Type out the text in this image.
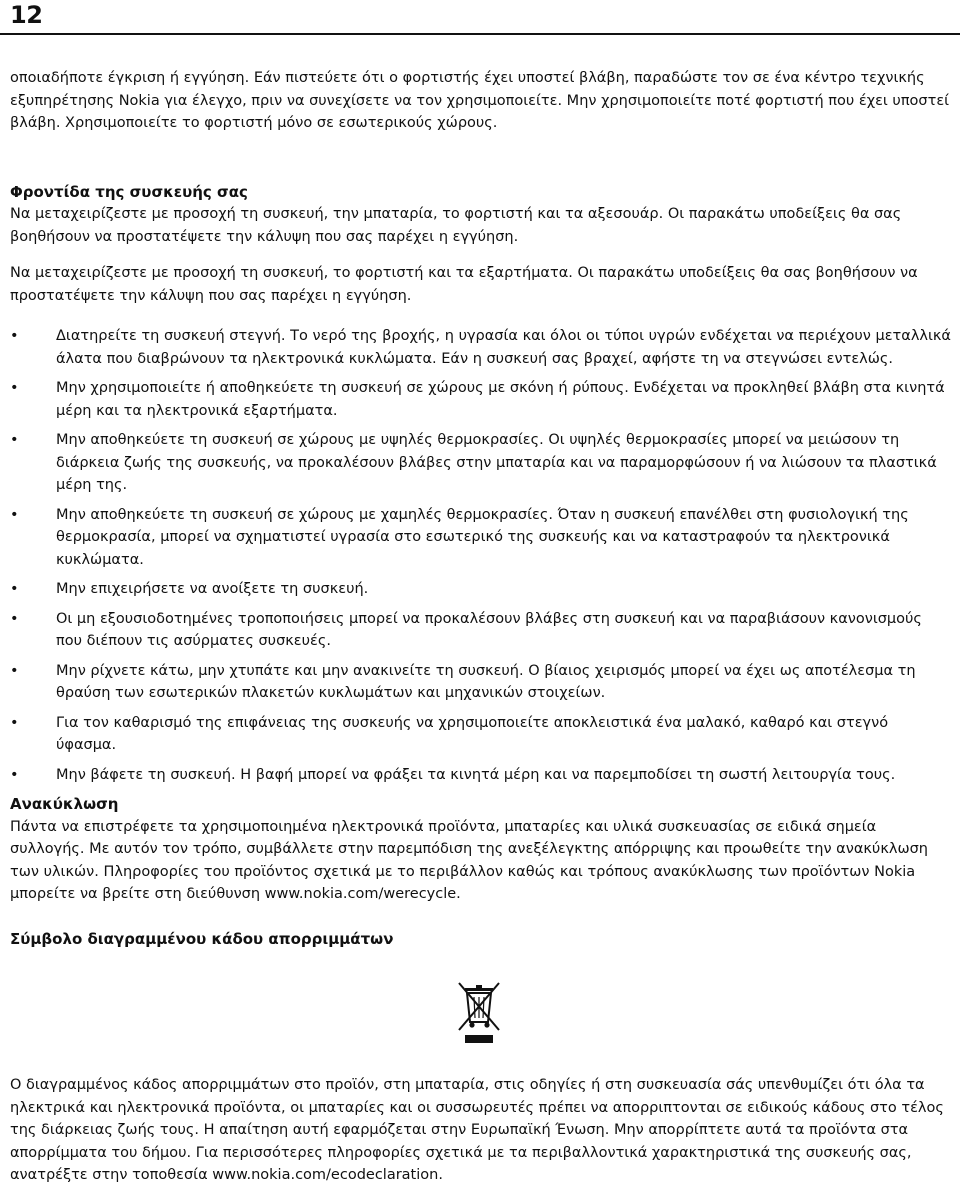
12

οποιαδήποτε έγκριση ή εγγύηση. Εάν πιστεύετε ότι ο φορτιστής έχει υποστεί βλάβη, παραδώστε τον σε ένα κέντρο τεχνικής εξυπηρέτησης Nokia για έλεγχο, πριν να συνεχίσετε να τον χρησιμοποιείτε. Μην χρησιμοποιείτε ποτέ φορτιστή που έχει υποστεί βλάβη. Χρησιμοποιείτε το φορτιστή μόνο σε εσωτερικούς χώρους.

Φροντίδα της συσκευής σας

Να μεταχειρίζεστε με προσοχή τη συσκευή, την μπαταρία, το φορτιστή και τα αξεσουάρ. Οι παρακάτω υποδείξεις θα σας βοηθήσουν να προστατέψετε την κάλυψη που σας παρέχει η εγγύηση.

Να μεταχειρίζεστε με προσοχή τη συσκευή, το φορτιστή και τα εξαρτήματα. Οι παρακάτω υποδείξεις θα σας βοηθήσουν να προστατέψετε την κάλυψη που σας παρέχει η εγγύηση.

•	Διατηρείτε τη συσκευή στεγνή. Το νερό της βροχής, η υγρασία και όλοι οι τύποι υγρών ενδέχεται να περιέχουν μεταλλικά άλατα που διαβρώνουν τα ηλεκτρονικά κυκλώματα. Εάν η συσκευή σας βραχεί, αφήστε τη να στεγνώσει εντελώς.
•	Μην χρησιμοποιείτε ή αποθηκεύετε τη συσκευή σε χώρους με σκόνη ή ρύπους. Ενδέχεται να προκληθεί βλάβη στα κινητά μέρη και τα ηλεκτρονικά εξαρτήματα.
•	Μην αποθηκεύετε τη συσκευή σε χώρους με υψηλές θερμοκρασίες. Οι υψηλές θερμοκρασίες μπορεί να μειώσουν τη διάρκεια ζωής της συσκευής, να προκαλέσουν βλάβες στην μπαταρία και να παραμορφώσουν ή να λιώσουν τα πλαστικά μέρη της.
•	Μην αποθηκεύετε τη συσκευή σε χώρους με χαμηλές θερμοκρασίες. Όταν η συσκευή επανέλθει στη φυσιολογική της θερμοκρασία, μπορεί να σχηματιστεί υγρασία στο εσωτερικό της συσκευής και να καταστραφούν τα ηλεκτρονικά κυκλώματα.
•	Μην επιχειρήσετε να ανοίξετε τη συσκευή.
•	Οι μη εξουσιοδοτημένες τροποποιήσεις μπορεί να προκαλέσουν βλάβες στη συσκευή και να παραβιάσουν κανονισμούς που διέπουν τις ασύρματες συσκευές.
•	Μην ρίχνετε κάτω, μην χτυπάτε και μην ανακινείτε τη συσκευή. Ο βίαιος χειρισμός μπορεί να έχει ως αποτέλεσμα τη θραύση των εσωτερικών πλακετών κυκλωμάτων και μηχανικών στοιχείων.
•	Για τον καθαρισμό της επιφάνειας της συσκευής να χρησιμοποιείτε αποκλειστικά ένα μαλακό, καθαρό και στεγνό ύφασμα.
•	Μην βάφετε τη συσκευή. Η βαφή μπορεί να φράξει τα κινητά μέρη και να παρεμποδίσει τη σωστή λειτουργία τους.
Ανακύκλωση

Πάντα να επιστρέφετε τα χρησιμοποιημένα ηλεκτρονικά προϊόντα, μπαταρίες και υλικά συσκευασίας σε ειδικά σημεία συλλογής. Με αυτόν τον τρόπο, συμβάλλετε στην παρεμπόδιση της ανεξέλεγκτης απόρριψης και προωθείτε την ανακύκλωση των υλικών. Πληροφορίες του προϊόντος σχετικά με το περιβάλλον καθώς και τρόπους ανακύκλωσης των προϊόντων Nokia μπορείτε να βρείτε στη διεύθυνση www.nokia.com/werecycle.

Σύμβολο διαγραμμένου κάδου απορριμμάτων

Ο διαγραμμένος κάδος απορριμμάτων στο προϊόν, στη μπαταρία, στις οδηγίες ή στη συσκευασία σάς υπενθυμίζει ότι όλα τα ηλεκτρικά και ηλεκτρονικά προϊόντα, οι μπαταρίες και οι συσσωρευτές πρέπει να απορριπτονται σε ειδικούς κάδους στο τέλος της διάρκειας ζωής τους. Η απαίτηση αυτή εφαρμόζεται στην Ευρωπαϊκή Ένωση. Μην απορρίπτετε αυτά τα προϊόντα στα απορρίμματα του δήμου. Για περισσότερες πληροφορίες σχετικά με τα περιβαλλοντικά χαρακτηριστικά της συσκευής σας, ανατρέξτε στην τοποθεσία www.nokia.com/ecodeclaration.
